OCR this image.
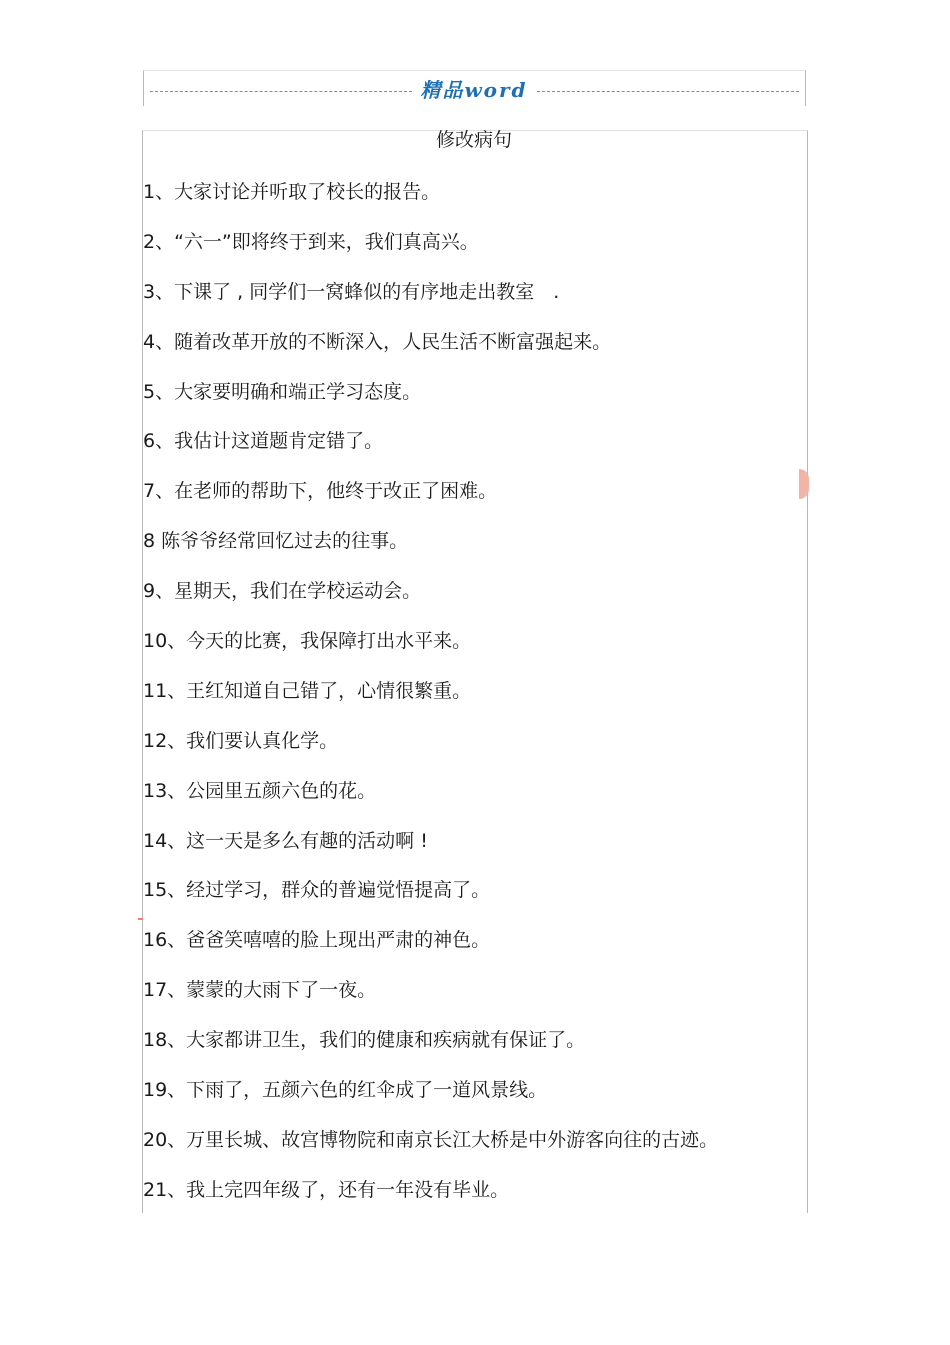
精品word
修改病句
1、大家讨论并听取了校长的报告。
2、“六一”即将终于到来，我们真高兴。
3、下课了 , 同学们一窝蜂似的有序地走出教室　.
4、随着改革开放的不断深入，人民生活不断富强起来。
5、大家要明确和端正学习态度。
6、我估计这道题肯定错了。
7、在老师的帮助下，他终于改正了困难。
8 陈爷爷经常回忆过去的往事。
9、星期天，我们在学校运动会。
10、今天的比赛，我保障打出水平来。
11、王红知道自己错了，心情很繁重。
12、我们要认真化学。
13、公园里五颜六色的花。
14、这一天是多么有趣的活动啊 !
15、经过学习，群众的普遍觉悟提高了。
16、爸爸笑嘻嘻的脸上现出严肃的神色。
17、蒙蒙的大雨下了一夜。
18、大家都讲卫生，我们的健康和疾病就有保证了。
19、下雨了，五颜六色的红伞成了一道风景线。
20、万里长城、故宫博物院和南京长江大桥是中外游客向往的古迹。
21、我上完四年级了，还有一年没有毕业。
